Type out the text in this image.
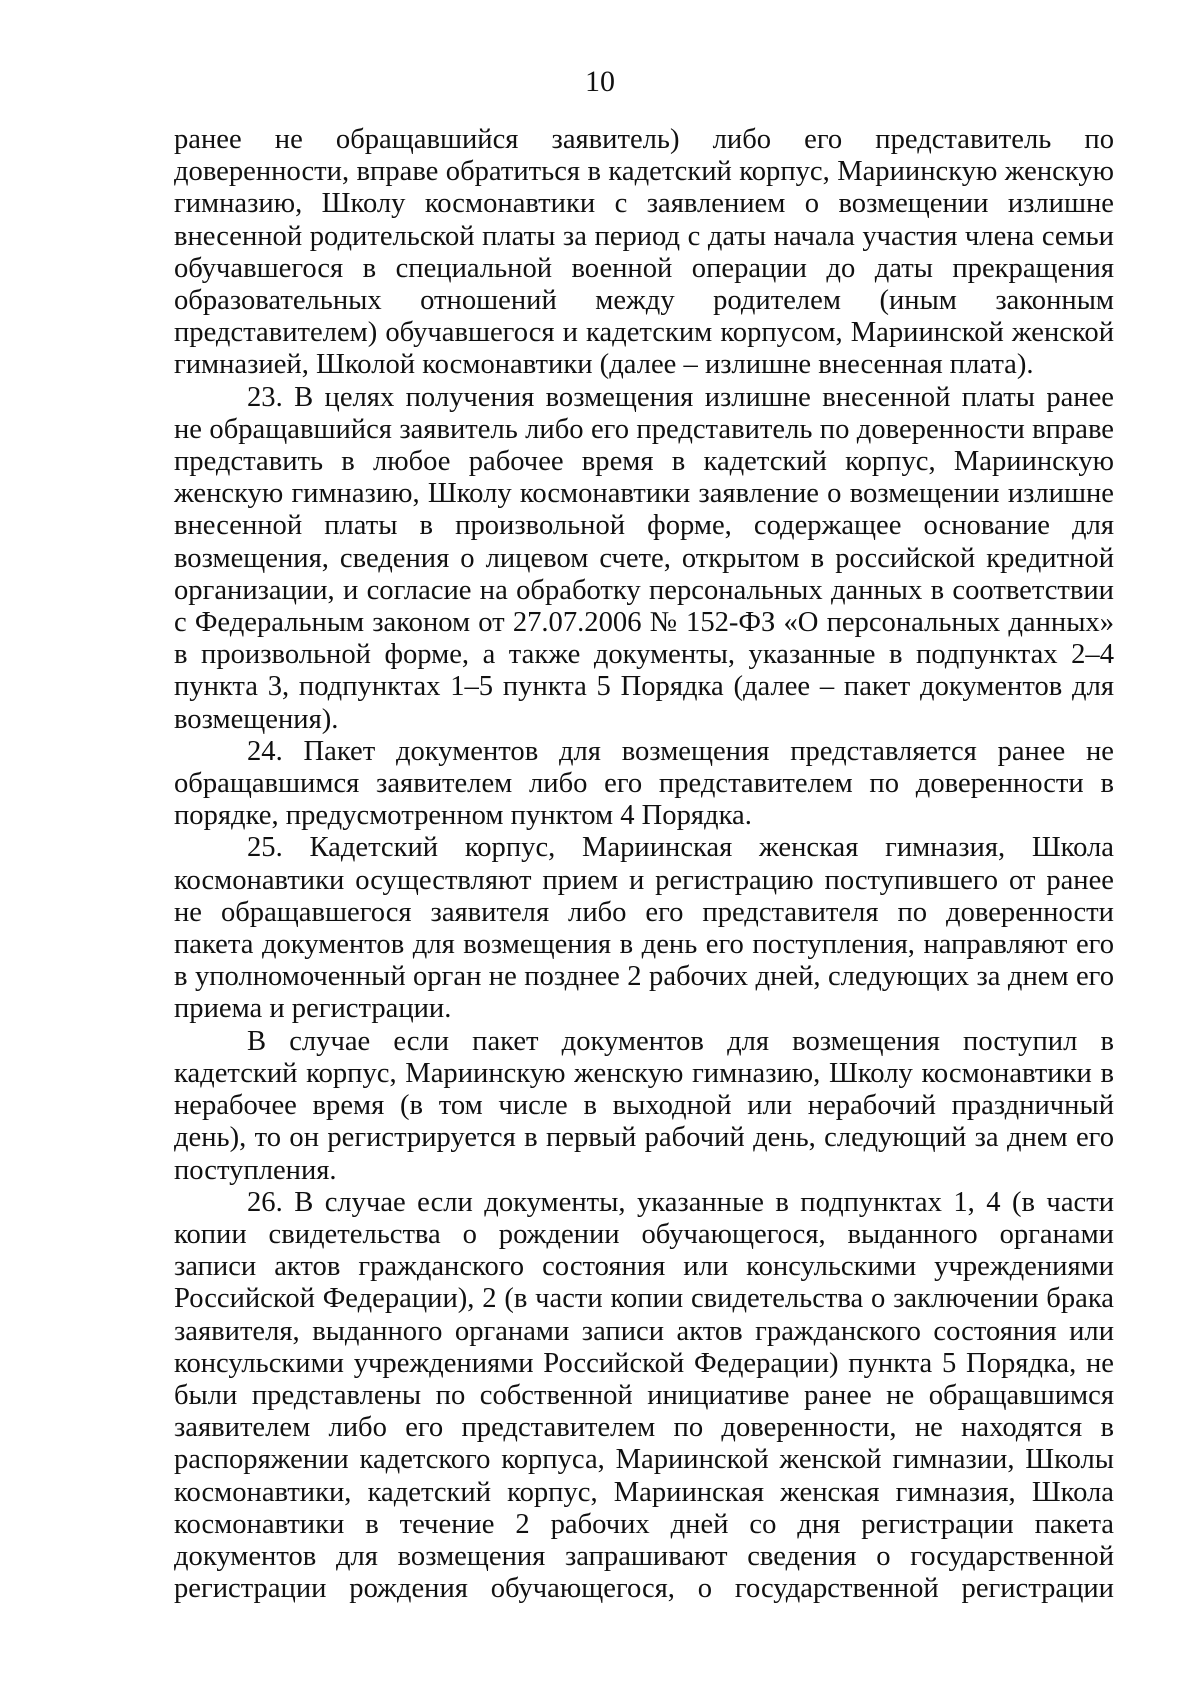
10

ранее не обращавшийся заявитель) либо его представитель по доверенности, вправе обратиться в кадетский корпус, Мариинскую женскую гимназию, Школу космонавтики с заявлением о возмещении излишне внесенной родительской платы за период с даты начала участия члена семьи обучавшегося в специальной военной операции до даты прекращения образовательных отношений между родителем (иным законным представителем) обучавшегося и кадетским корпусом, Мариинской женской гимназией, Школой космонавтики (далее – излишне внесенная плата).

23. В целях получения возмещения излишне внесенной платы ранее не обращавшийся заявитель либо его представитель по доверенности вправе представить в любое рабочее время в кадетский корпус, Мариинскую женскую гимназию, Школу космонавтики заявление о возмещении излишне внесенной платы в произвольной форме, содержащее основание для возмещения, сведения о лицевом счете, открытом в российской кредитной организации, и согласие на обработку персональных данных в соответствии с Федеральным законом от 27.07.2006 № 152-ФЗ «О персональных данных» в произвольной форме, а также документы, указанные в подпунктах 2–4 пункта 3, подпунктах 1–5 пункта 5 Порядка (далее – пакет документов для возмещения).

24. Пакет документов для возмещения представляется ранее не обращавшимся заявителем либо его представителем по доверенности в порядке, предусмотренном пунктом 4 Порядка.

25. Кадетский корпус, Мариинская женская гимназия, Школа космонавтики осуществляют прием и регистрацию поступившего от ранее не обращавшегося заявителя либо его представителя по доверенности пакета документов для возмещения в день его поступления, направляют его в уполномоченный орган не позднее 2 рабочих дней, следующих за днем его приема и регистрации.

В случае если пакет документов для возмещения поступил в кадетский корпус, Мариинскую женскую гимназию, Школу космонавтики в нерабочее время (в том числе в выходной или нерабочий праздничный день), то он регистрируется в первый рабочий день, следующий за днем его поступления.

26. В случае если документы, указанные в подпунктах 1, 4 (в части копии свидетельства о рождении обучающегося, выданного органами записи актов гражданского состояния или консульскими учреждениями Российской Федерации), 2 (в части копии свидетельства о заключении брака заявителя, выданного органами записи актов гражданского состояния или консульскими учреждениями Российской Федерации) пункта 5 Порядка, не были представлены по собственной инициативе ранее не обращавшимся заявителем либо его представителем по доверенности, не находятся в распоряжении кадетского корпуса, Мариинской женской гимназии, Школы космонавтики, кадетский корпус, Мариинская женская гимназия, Школа космонавтики в течение 2 рабочих дней со дня регистрации пакета документов для возмещения запрашивают сведения о государственной регистрации рождения обучающегося, о государственной регистрации
